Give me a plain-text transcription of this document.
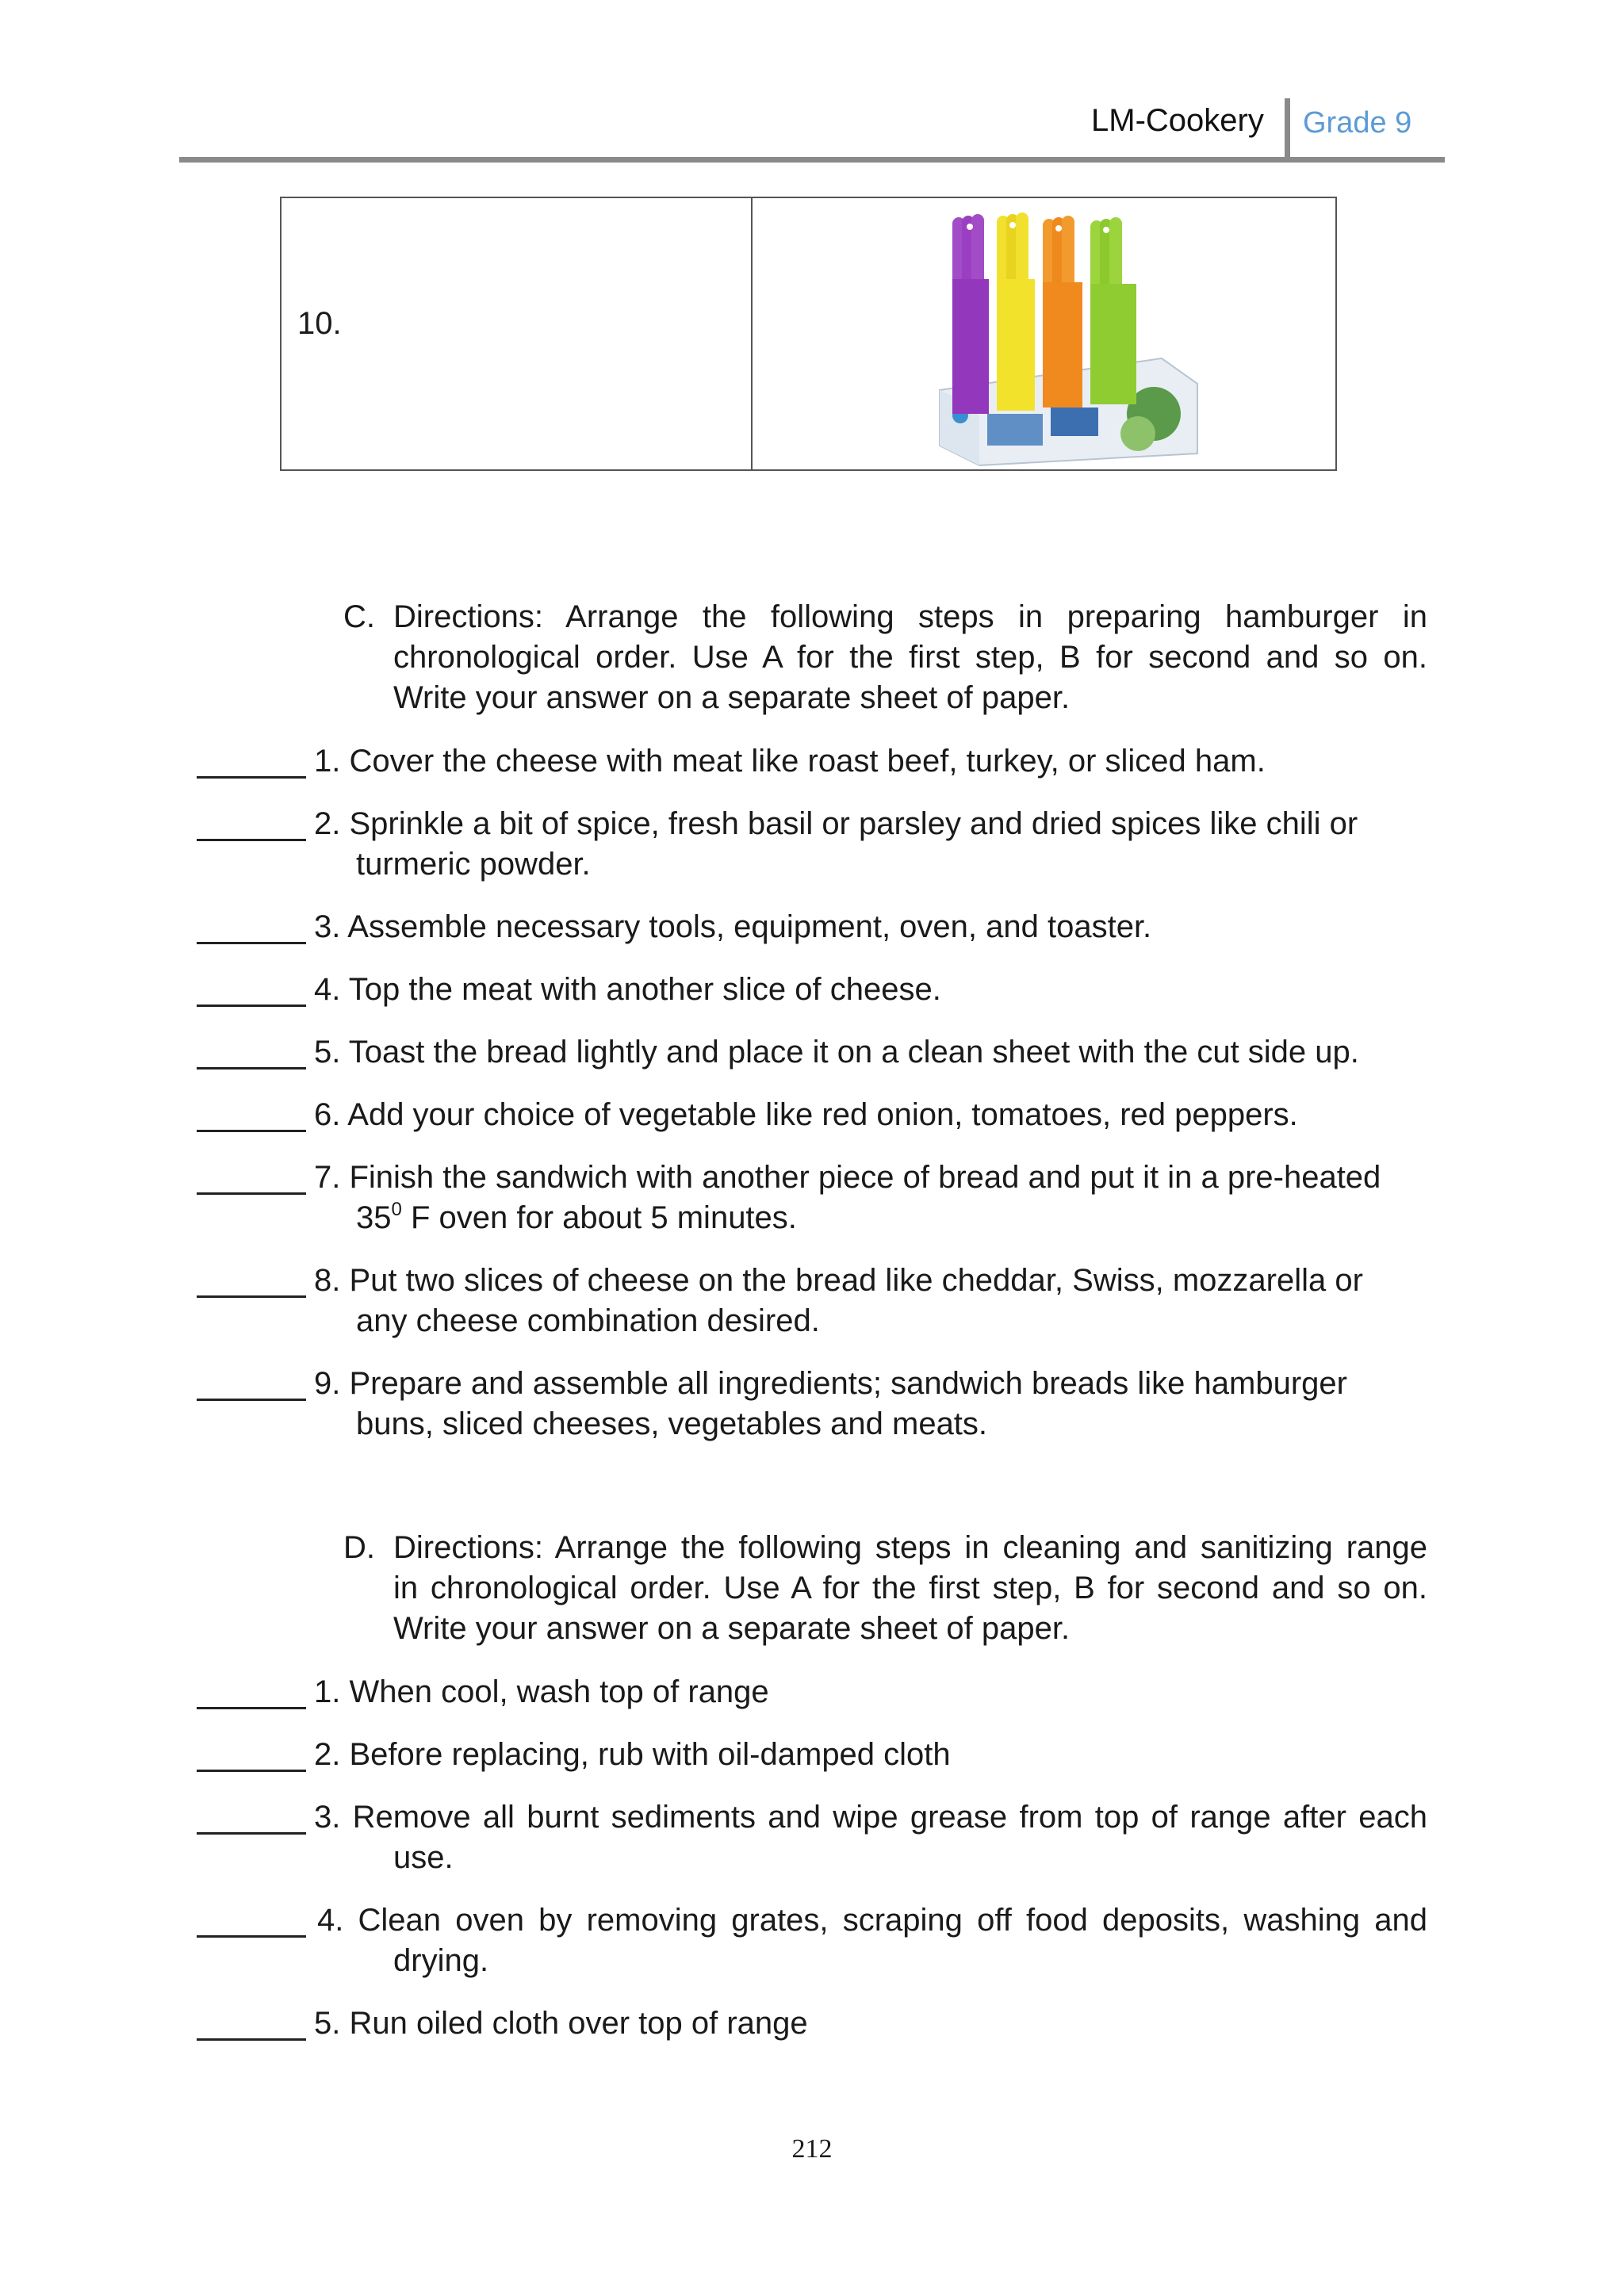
LM-Cookery Grade 9
10.
C. Directions: Arrange the following steps in preparing hamburger in
chronological order. Use A for the first step, B for second and so on.
Write your answer on a separate sheet of paper.
1. Cover the cheese with meat like roast beef, turkey, or sliced ham.
2. Sprinkle a bit of spice, fresh basil or parsley and dried spices like chili or
turmeric powder.
3. Assemble necessary tools, equipment, oven, and toaster.
4. Top the meat with another slice of cheese.
5. Toast the bread lightly and place it on a clean sheet with the cut side up.
6. Add your choice of vegetable like red onion, tomatoes, red peppers.
7. Finish the sandwich with another piece of bread and put it in a pre-heated
$35^0$ F oven for about 5 minutes.
8. Put two slices of cheese on the bread like cheddar, Swiss, mozzarella or
any cheese combination desired.
9. Prepare and assemble all ingredients; sandwich breads like hamburger
buns, sliced cheeses, vegetables and meats.
D. Directions: Arrange the following steps in cleaning and sanitizing range
in chronological order. Use A for the first step, B for second and so on.
Write your answer on a separate sheet of paper.
1. When cool, wash top of range
2. Before replacing, rub with oil-damped cloth
3. Remove all burnt sediments and wipe grease from top of range after each
use.
4. Clean oven by removing grates, scraping off food deposits, washing and
drying.
5. Run oiled cloth over top of range
212
